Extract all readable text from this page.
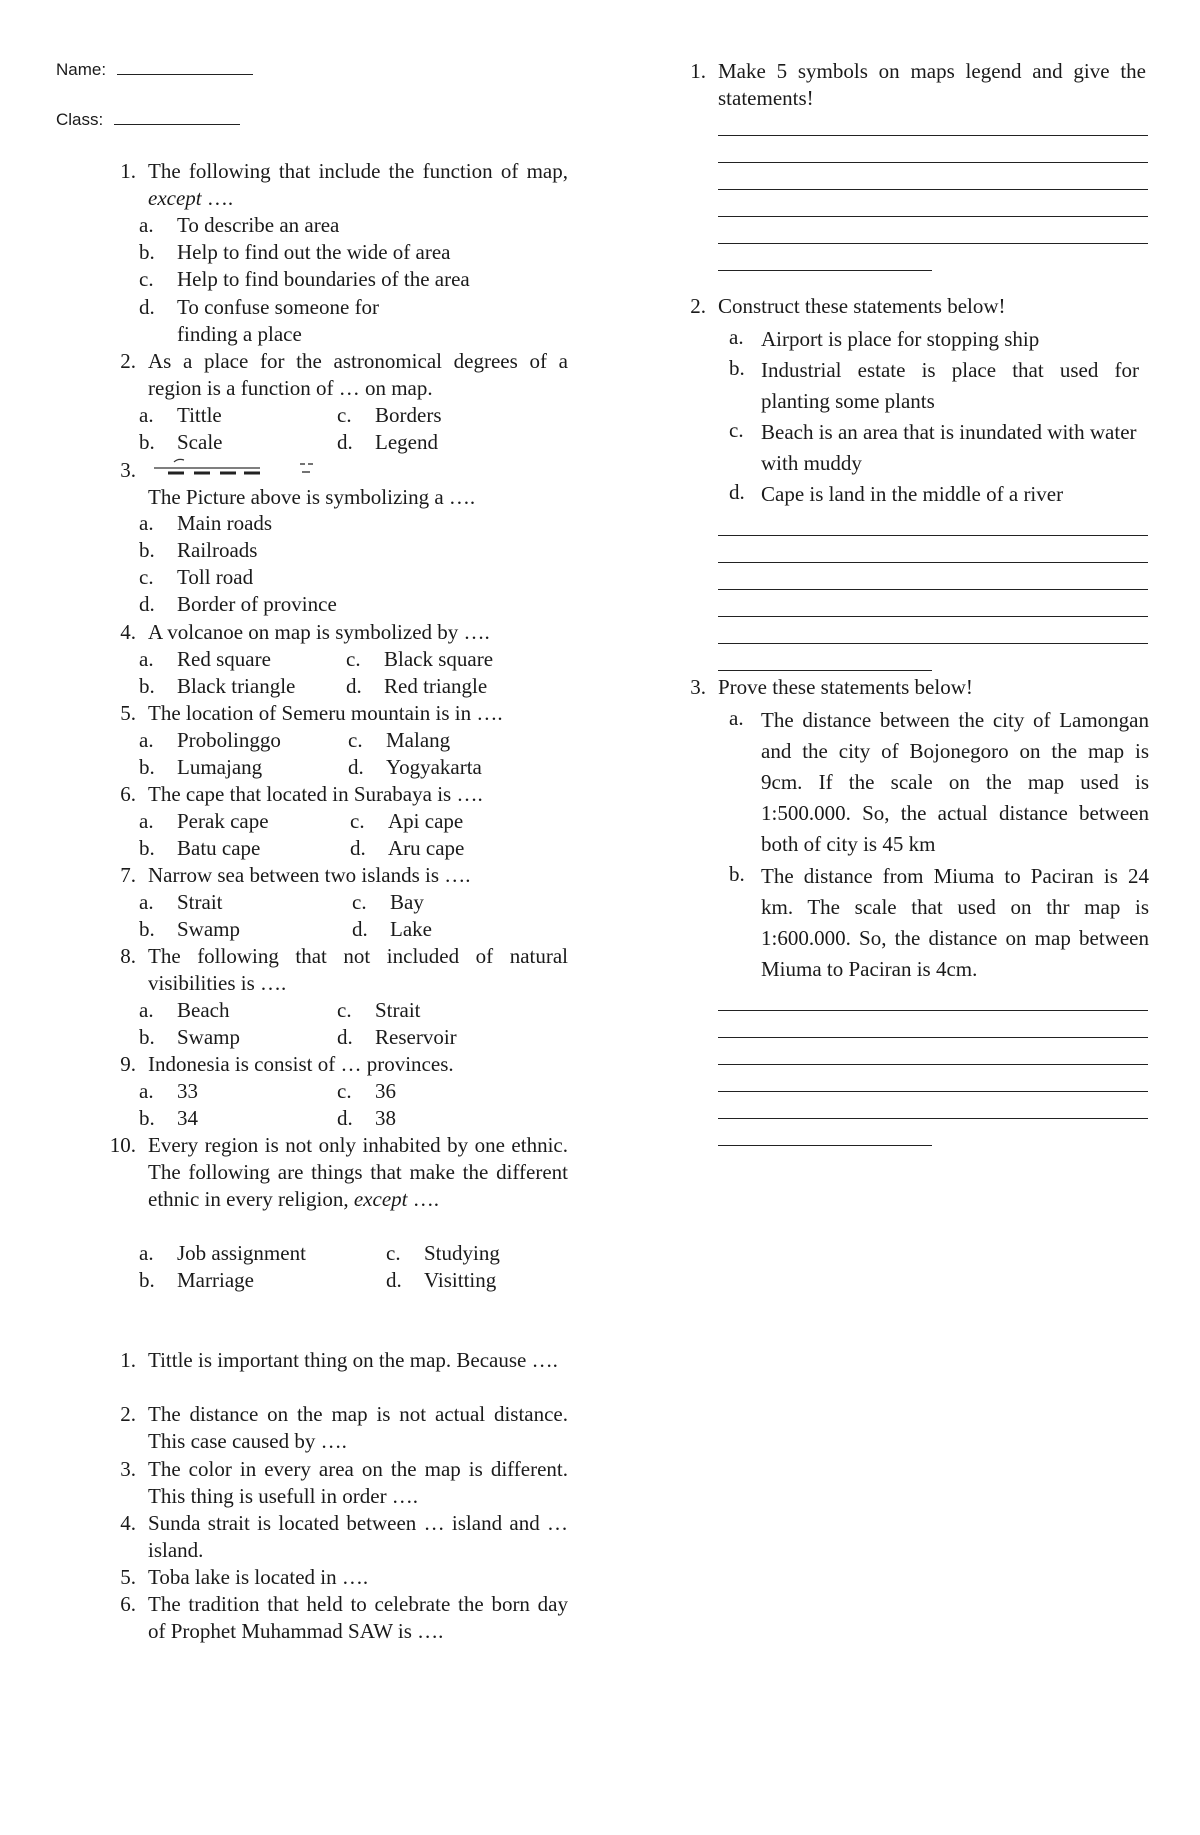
Name:
Class:
1. The following that include the function of map, except ….
a. To describe an area
b. Help to find out the wide of area
c. Help to find boundaries of the area
d.	To confuse someone for finding a place
2. As a place for the astronomical degrees of a region is a function of … on map.
a. Tittle	c. Borders
b. Scale	d. Legend
3.
The Picture above is symbolizing a ….
a. Main roads
b. Railroads
c. Toll road
d. Border of province
4. A volcanoe on map is symbolized by ….
a. Red square	c. Black square
b. Black triangle d. Red triangle
5. The location of Semeru mountain is in ….
a. Probolinggo	c. Malang
b. Lumajang	d. Yogyakarta
6. The cape that located in Surabaya is ….
a. Perak cape	c. Api cape
b. Batu cape	d. Aru cape
7. Narrow sea between two islands is ….
a. Strait	c. Bay
b. Swamp	d. Lake
8. The following that not included of natural visibilities is ….
a. Beach	c. Strait
b. Swamp	d. Reservoir
9. Indonesia is consist of … provinces.
a. 33	c. 36
b. 34	d. 38
10. Every region is not only inhabited by one ethnic. The following are things that make the different ethnic in every religion, except ….
a. Job assignment	c. Studying
b. Marriage	d. Visitting
1. Tittle is important thing on the map. Because ….
2. The distance on the map is not actual distance. This case caused by ….
3. The color in every area on the map is different. This thing is usefull in order ….
4. Sunda strait is located between … island and … island.
5. Toba lake is located in ….
6. The tradition that held to celebrate the born day of Prophet Muhammad SAW is ….
1. Make 5 symbols on maps legend and give the statements!
2. Construct these statements below!
a. Airport is place for stopping ship
b. Industrial estate is place that used for planting some plants
c. Beach is an area that is inundated with water with muddy
d. Cape is land in the middle of a river
3. Prove these statements below!
a. The distance between the city of Lamongan and the city of Bojonegoro on the map is 9cm. If the scale on the map used is 1:500.000. So, the actual distance between both of city is 45 km
b. The distance from Miuma to Paciran is 24 km. The scale that used on thr map is 1:600.000. So, the distance on map between Miuma to Paciran is 4cm.
